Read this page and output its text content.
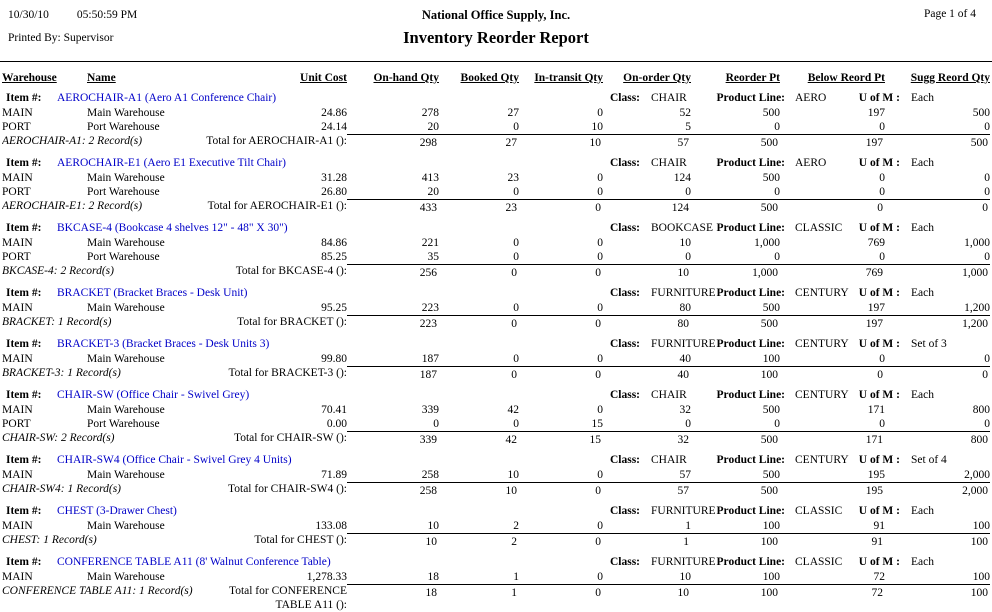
10/30/10 05:50:59 PM
Printed By: Supervisor
National Office Supply, Inc.
Inventory Reorder Report
Page 1 of 4
Warehouse	Name	Unit Cost	On-hand Qty	Booked Qty	In-transit Qty	On-order Qty	Reorder Pt	Below Reord Pt	Sugg Reord Qty
Item #: AEROCHAIR-A1 (Aero A1 Conference Chair)	Class: CHAIR	Product Line: AERO	U of M : Each

MAIN	Main Warehouse	24.86	278	27	0	52	500	197	500
PORT	Port Warehouse	24.14	20	0	10	5	0	0	0
AEROCHAIR-A1: 2 Record(s)		Total for AEROCHAIR-A1 ():	298	27	10	57	500	197	500
Item #: AEROCHAIR-E1 (Aero E1 Executive Tilt Chair)	Class: CHAIR	Product Line: AERO	U of M : Each

MAIN	Main Warehouse	31.28	413	23	0	124	500	0	0
PORT	Port Warehouse	26.80	20	0	0	0	0	0	0
AEROCHAIR-E1: 2 Record(s)		Total for AEROCHAIR-E1 ():	433	23	0	124	500	0	0
Item #: BKCASE-4 (Bookcase 4 shelves 12" - 48" X 30")	Class: BOOKCASE Product Line: CLASSIC	U of M : Each

MAIN	Main Warehouse	84.86	221	0	0	10	1,000	769	1,000
PORT	Port Warehouse	85.25	35	0	0	0	0	0	0
BKCASE-4: 2 Record(s)		Total for BKCASE-4 ():	256	0	0	10	1,000	769	1,000
Item #: BRACKET (Bracket Braces - Desk Unit)	Class: FURNITURE Product Line: CENTURY U of M : Each

MAIN	Main Warehouse	95.25	223	0	0	80	500	197	1,200
BRACKET: 1 Record(s)		Total for BRACKET ():	223	0	0	80	500	197	1,200
Item #: BRACKET-3 (Bracket Braces - Desk Units 3)	Class: FURNITURE Product Line: CENTURY U of M : Set of 3

MAIN	Main Warehouse	99.80	187	0	0	40	100	0	0
BRACKET-3: 1 Record(s)		Total for BRACKET-3 ():	187	0	0	40	100	0	0
Item #: CHAIR-SW (Office Chair - Swivel Grey)	Class: CHAIR	Product Line: CENTURY U of M : Each

MAIN	Main Warehouse	70.41	339	42	0	32	500	171	800
PORT	Port Warehouse	0.00	0	0	15	0	0	0	0
CHAIR-SW: 2 Record(s)		Total for CHAIR-SW ():	339	42	15	32	500	171	800
Item #: CHAIR-SW4 (Office Chair - Swivel Grey 4 Units)	Class: CHAIR	Product Line: CENTURY U of M : Set of 4

MAIN	Main Warehouse	71.89	258	10	0	57	500	195	2,000
CHAIR-SW4: 1 Record(s)		Total for CHAIR-SW4 ():	258	10	0	57	500	195	2,000
Item #: CHEST (3-Drawer Chest)	Class: FURNITURE Product Line: CLASSIC	U of M : Each

MAIN	Main Warehouse	133.08	10	2	0	1	100	91	100
CHEST: 1 Record(s)		Total for CHEST ():	10	2	0	1	100	91	100
Item #: CONFERENCE TABLE A11 (8' Walnut Conference Table)	Class: FURNITURE Product Line: CLASSIC	U of M : Each

MAIN	Main Warehouse	1,278.33	18	1	0	10	100	72	100
CONFERENCE TABLE A11: 1 Record(s)		Total for CONFERENCE TABLE A11 ():	18	1	0	10	100	72	100
